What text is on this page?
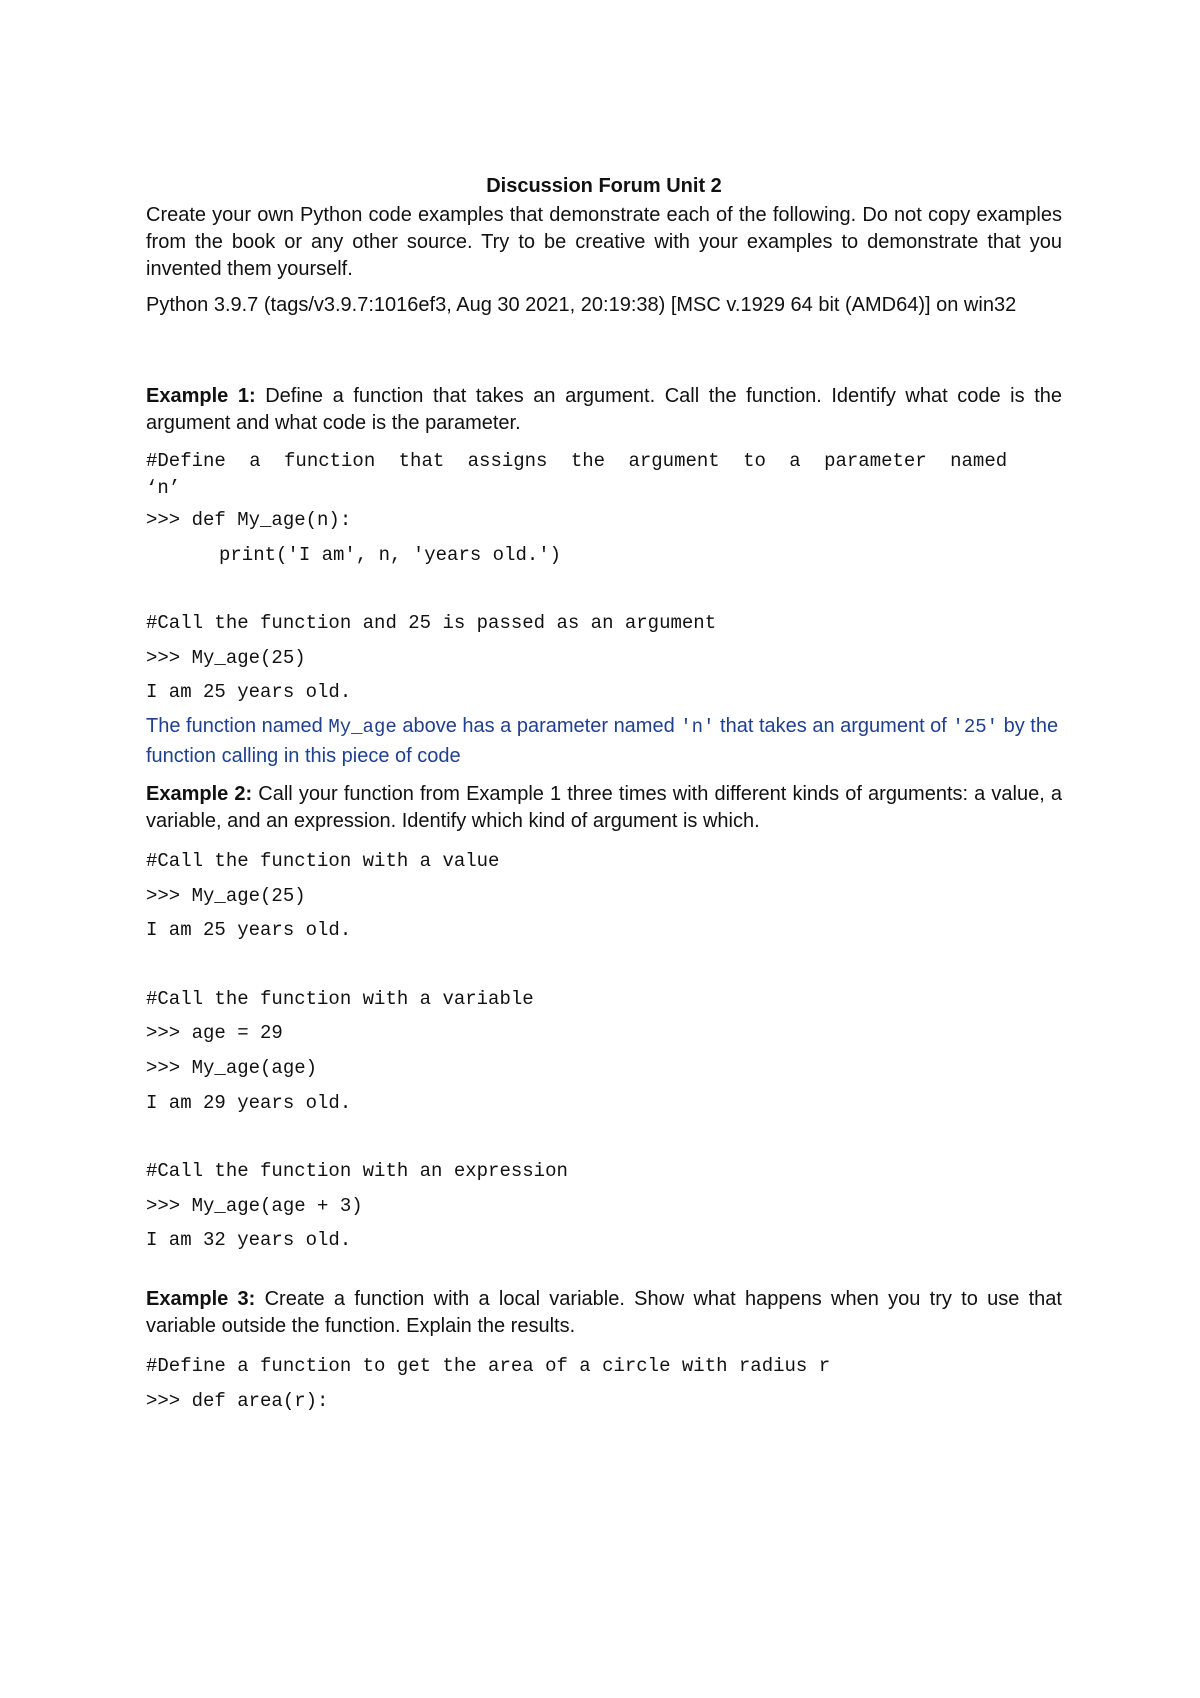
Discussion Forum Unit 2
Create your own Python code examples that demonstrate each of the following. Do not copy examples from the book or any other source. Try to be creative with your examples to demonstrate that you invented them yourself.
Python 3.9.7 (tags/v3.9.7:1016ef3, Aug 30 2021, 20:19:38) [MSC v.1929 64 bit (AMD64)] on win32
Example 1: Define a function that takes an argument. Call the function. Identify what code is the argument and what code is the parameter.
#Define a function that assigns the argument to a parameter named ‘n’
>>> def My_age(n):
print('I am', n, 'years old.')
#Call the function and 25 is passed as an argument
>>> My_age(25)
I am 25 years old.
The function named My_age above has a parameter named 'n' that takes an argument of '25' by the function calling in this piece of code
Example 2: Call your function from Example 1 three times with different kinds of arguments: a value, a variable, and an expression. Identify which kind of argument is which.
#Call the function with a value
>>> My_age(25)
I am 25 years old.
#Call the function with a variable
>>> age = 29
>>> My_age(age)
I am 29 years old.
#Call the function with an expression
>>> My_age(age + 3)
I am 32 years old.
Example 3: Create a function with a local variable. Show what happens when you try to use that variable outside the function. Explain the results.
#Define a function to get the area of a circle with radius r
>>> def area(r):
